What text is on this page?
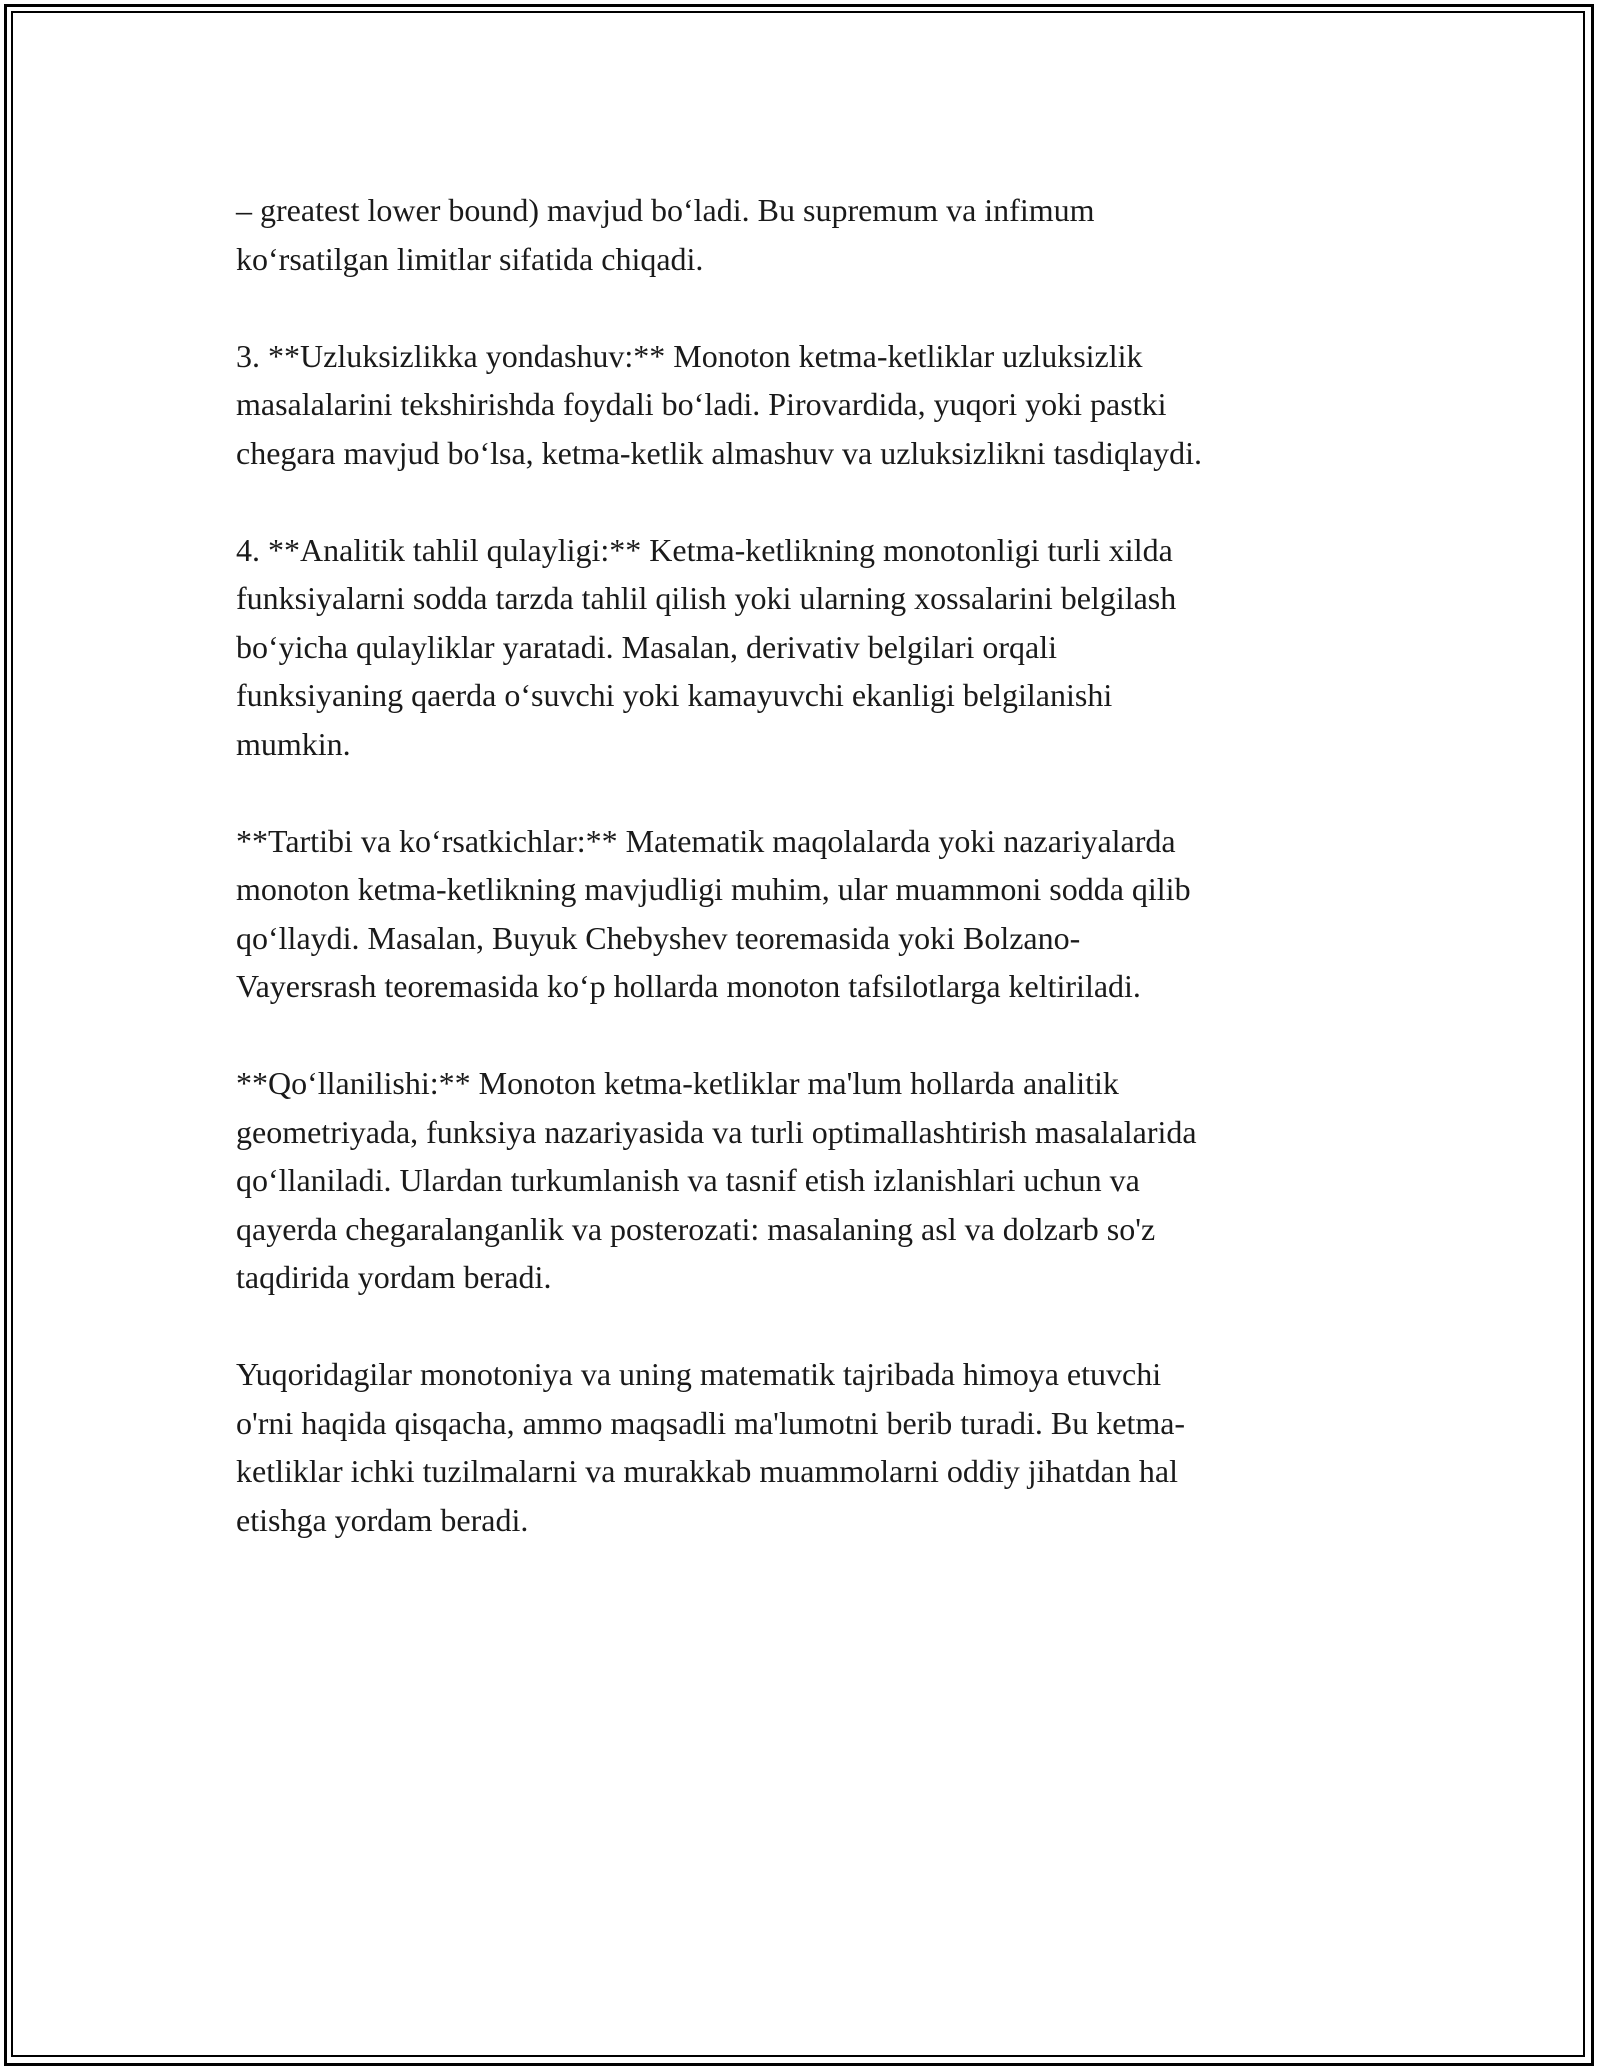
– greatest lower bound) mavjud bo‘ladi. Bu supremum va infimum
ko‘rsatilgan limitlar sifatida chiqadi.

3. **Uzluksizlikka yondashuv:** Monoton ketma-ketliklar uzluksizlik
masalalarini tekshirishda foydali bo‘ladi. Pirovardida, yuqori yoki pastki
chegara mavjud bo‘lsa, ketma-ketlik almashuv va uzluksizlikni tasdiqlaydi.

4. **Analitik tahlil qulayligi:** Ketma-ketlikning monotonligi turli xilda
funksiyalarni sodda tarzda tahlil qilish yoki ularning xossalarini belgilash
bo‘yicha qulayliklar yaratadi. Masalan, derivativ belgilari orqali
funksiyaning qaerda o‘suvchi yoki kamayuvchi ekanligi belgilanishi
mumkin.

**Tartibi va ko‘rsatkichlar:** Matematik maqolalarda yoki nazariyalarda
monoton ketma-ketlikning mavjudligi muhim, ular muammoni sodda qilib
qo‘llaydi. Masalan, Buyuk Chebyshev teoremasida yoki Bolzano-
Vayersrash teoremasida ko‘p hollarda monoton tafsilotlarga keltiriladi.

**Qo‘llanilishi:** Monoton ketma-ketliklar ma'lum hollarda analitik
geometriyada, funksiya nazariyasida va turli optimallashtirish masalalarida
qo‘llaniladi. Ulardan turkumlanish va tasnif etish izlanishlari uchun va
qayerda chegaralanganlik va posterozati: masalaning asl va dolzarb so'z
taqdirida yordam beradi.

Yuqoridagilar monotoniya va uning matematik tajribada himoya etuvchi
o'rni haqida qisqacha, ammo maqsadli ma'lumotni berib turadi. Bu ketma-
ketliklar ichki tuzilmalarni va murakkab muammolarni oddiy jihatdan hal
etishga yordam beradi.
